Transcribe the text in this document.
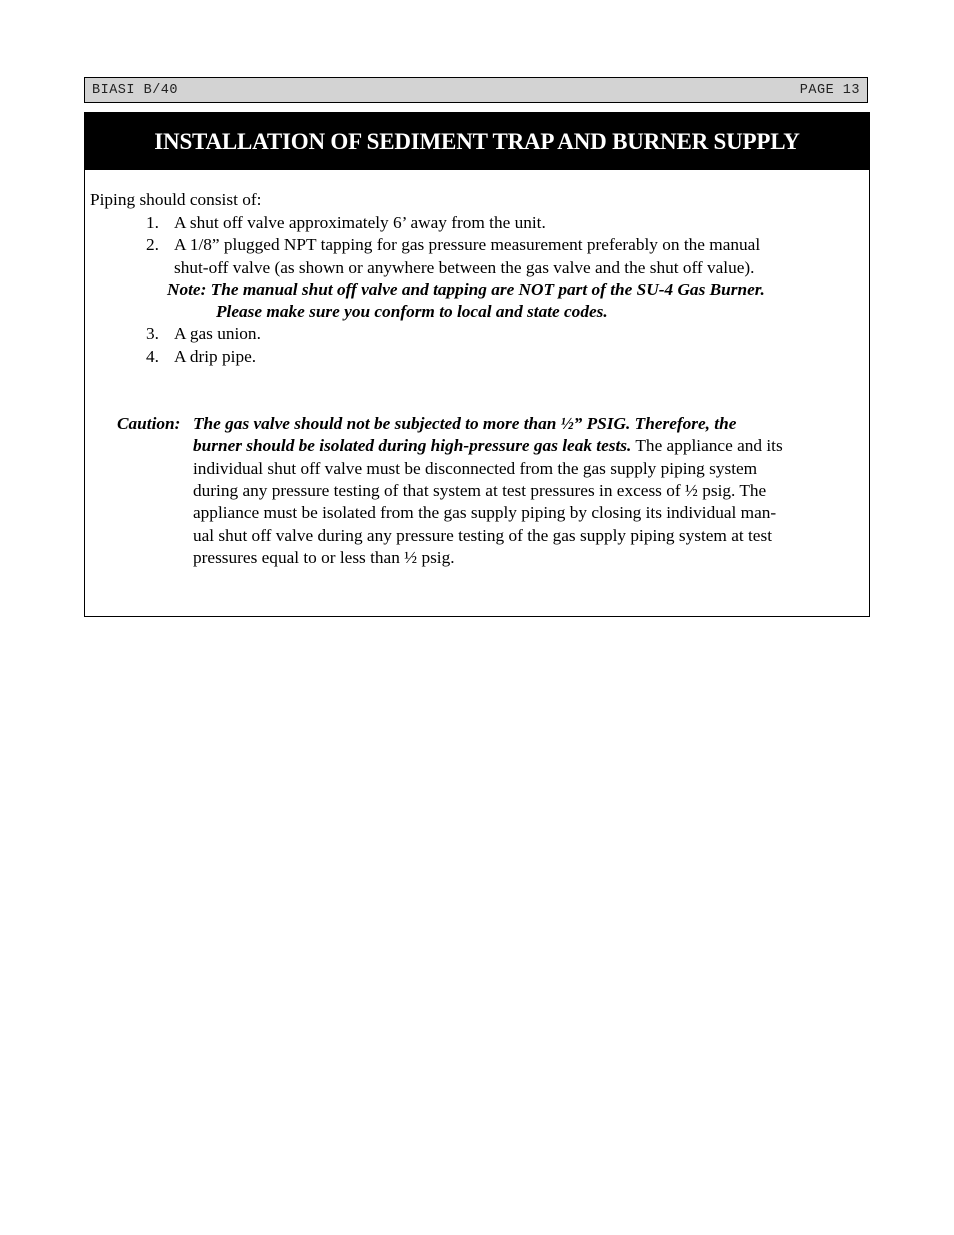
BIASI B/40	PAGE 13
INSTALLATION OF SEDIMENT TRAP AND BURNER SUPPLY
Piping should consist of:
1. A shut off valve approximately 6’ away from the unit.
2. A 1/8” plugged NPT tapping for gas pressure measurement preferably on the manual
shut-off valve (as shown or anywhere between the gas valve and the shut off value).
Note: The manual shut off valve and tapping are NOT part of the SU-4 Gas Burner.
Please make sure you conform to local and state codes.
3. A gas union.
4. A drip pipe.
Caution: The gas valve should not be subjected to more than ½” PSIG. Therefore, the
burner should be isolated during high-pressure gas leak tests. The appliance and its
individual shut off valve must be disconnected from the gas supply piping system
during any pressure testing of that system at test pressures in excess of ½ psig. The
appliance must be isolated from the gas supply piping by closing its individual man-
ual shut off valve during any pressure testing of the gas supply piping system at test
pressures equal to or less than ½ psig.
